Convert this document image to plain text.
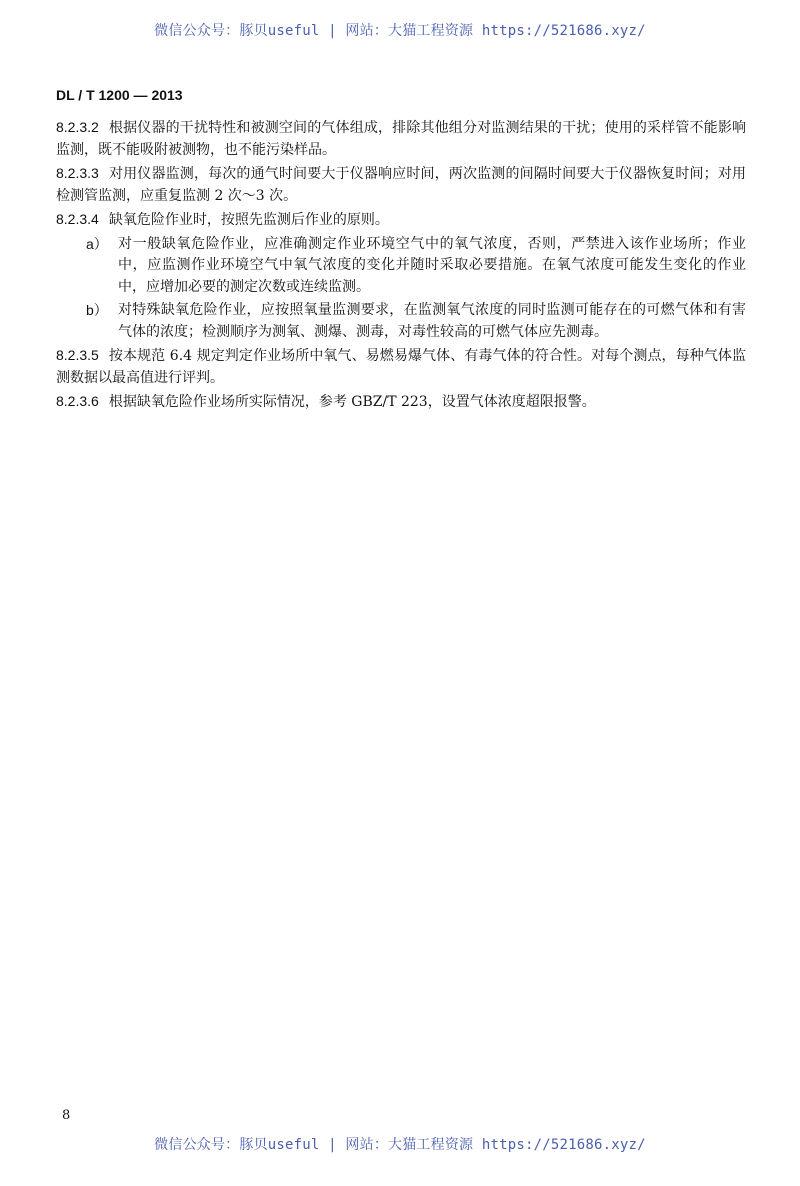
微信公众号：豚贝useful | 网站：大猫工程资源 https://521686.xyz/
DL / T 1200 — 2013

8.2.3.2 根据仪器的干扰特性和被测空间的气体组成，排除其他组分对监测结果的干扰；使用的采样管不能影响监测，既不能吸附被测物，也不能污染样品。

8.2.3.3 对用仪器监测，每次的通气时间要大于仪器响应时间，两次监测的间隔时间要大于仪器恢复时间；对用检测管监测，应重复监测 2 次～3 次。

8.2.3.4 缺氧危险作业时，按照先监测后作业的原则。

a） 对一般缺氧危险作业，应准确测定作业环境空气中的氧气浓度，否则，严禁进入该作业场所；作业中，应监测作业环境空气中氧气浓度的变化并随时采取必要措施。在氧气浓度可能发生变化的作业中，应增加必要的测定次数或连续监测。

b） 对特殊缺氧危险作业，应按照氧量监测要求，在监测氧气浓度的同时监测可能存在的可燃气体和有害气体的浓度；检测顺序为测氧、测爆、测毒，对毒性较高的可燃气体应先测毒。

8.2.3.5 按本规范 6.4 规定判定作业场所中氧气、易燃易爆气体、有毒气体的符合性。对每个测点，每种气体监测数据以最高值进行评判。

8.2.3.6 根据缺氧危险作业场所实际情况，参考 GBZ/T 223，设置气体浓度超限报警。

8
微信公众号：豚贝useful | 网站：大猫工程资源 https://521686.xyz/
